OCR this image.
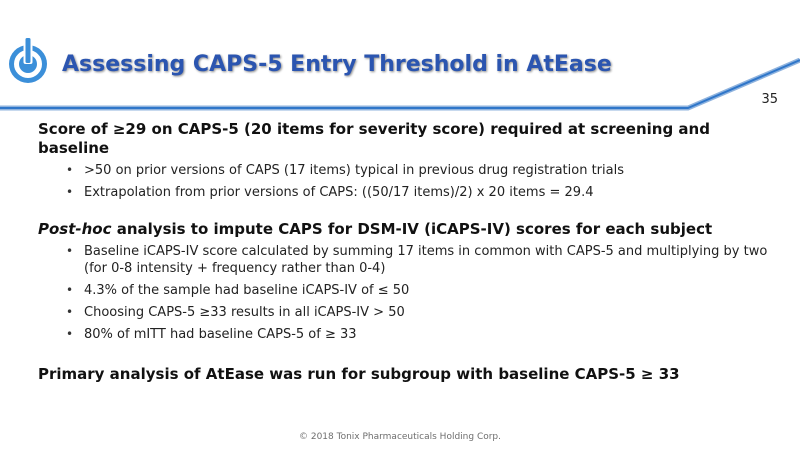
Assessing CAPS-5 Entry Threshold in AtEase
35

Score of ≥29 on CAPS-5 (20 items for severity score) required at screening and baseline

• >50 on prior versions of CAPS (17 items) typical in previous drug registration trials
• Extrapolation from prior versions of CAPS: ((50/17 items)/2) x 20 items = 29.4

Post-hoc analysis to impute CAPS for DSM-IV (iCAPS-IV) scores for each subject

• Baseline iCAPS-IV score calculated by summing 17 items in common with CAPS-5 and multiplying by two (for 0-8 intensity + frequency rather than 0-4)
• 4.3% of the sample had baseline iCAPS-IV of ≤ 50
• Choosing CAPS-5 ≥33 results in all iCAPS-IV > 50
• 80% of mITT had baseline CAPS-5 of ≥ 33

Primary analysis of AtEase was run for subgroup with baseline CAPS-5 ≥ 33

© 2018 Tonix Pharmaceuticals Holding Corp.
